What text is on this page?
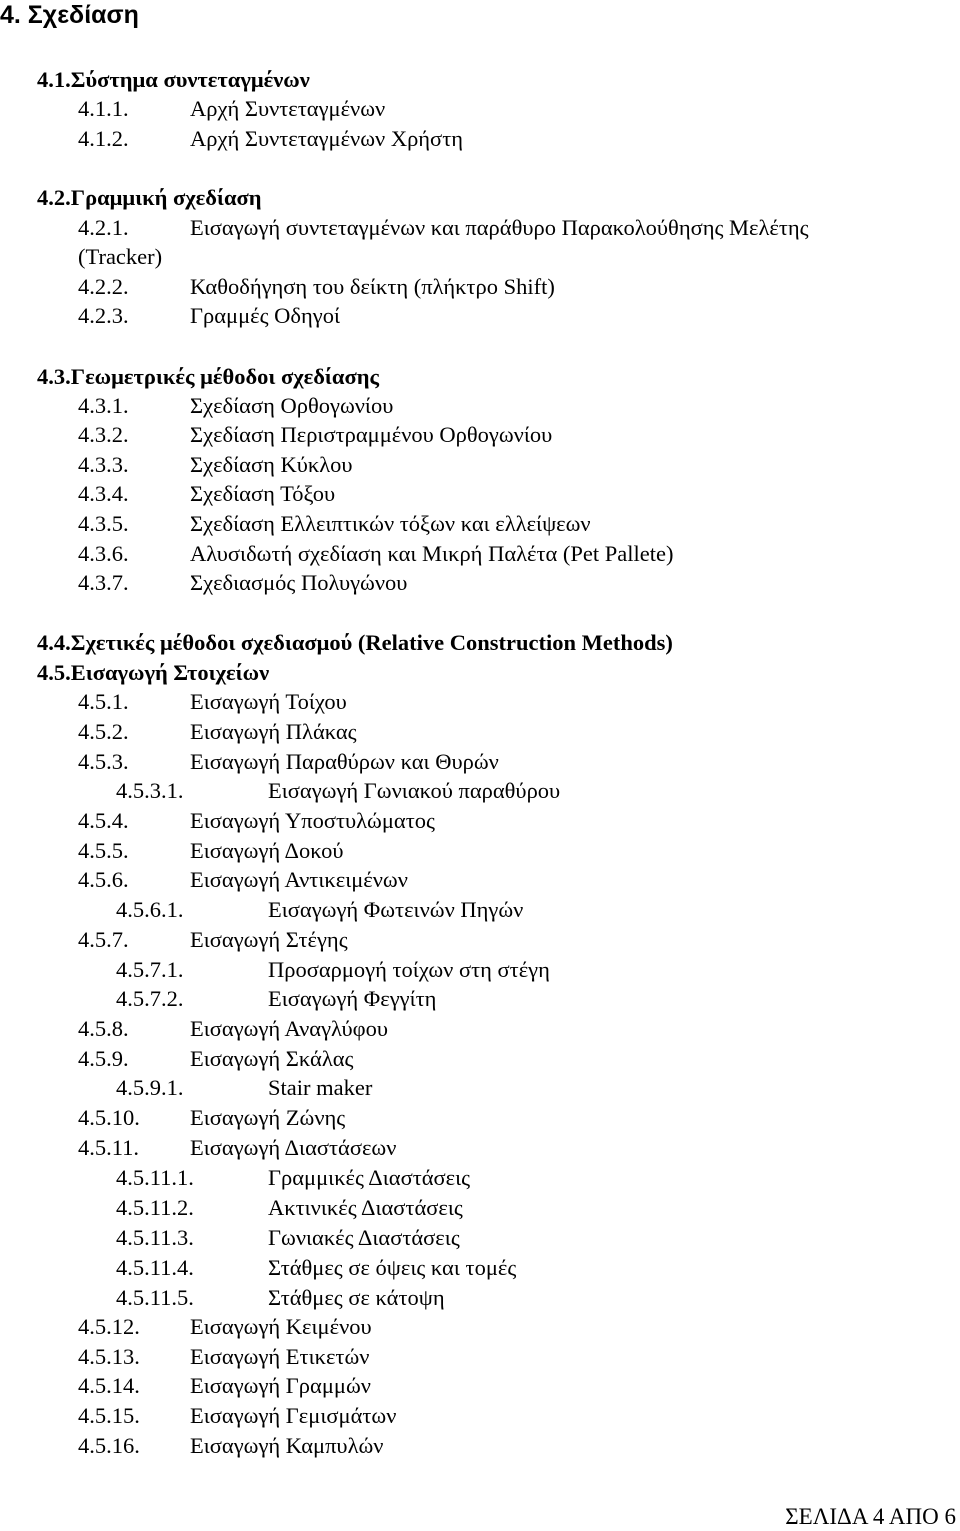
4. Σχεδίαση
4.1.Σύστημα συντεταγμένων
4.1.1.	Αρχή Συντεταγμένων
4.1.2.	Αρχή Συντεταγμένων Χρήστη
4.2.Γραμμική σχεδίαση
4.2.1.	Εισαγωγή συντεταγμένων και παράθυρο Παρακολούθησης Μελέτης
(Tracker)
4.2.2.	Καθοδήγηση του δείκτη (πλήκτρο Shift)
4.2.3.	Γραμμές Οδηγοί
4.3.Γεωμετρικές μέθοδοι σχεδίασης
4.3.1.	Σχεδίαση Ορθογωνίου
4.3.2.	Σχεδίαση Περιστραμμένου Ορθογωνίου
4.3.3.	Σχεδίαση Κύκλου
4.3.4.	Σχεδίαση Τόξου
4.3.5.	Σχεδίαση Ελλειπτικών τόξων και ελλείψεων
4.3.6.	Αλυσιδωτή σχεδίαση και Μικρή Παλέτα (Pet Pallete)
4.3.7.	Σχεδιασμός Πολυγώνου
4.4.Σχετικές μέθοδοι σχεδιασμού (Relative Construction Methods)
4.5.Εισαγωγή Στοιχείων
4.5.1.	Εισαγωγή Τοίχου
4.5.2.	Εισαγωγή Πλάκας
4.5.3.	Εισαγωγή Παραθύρων και Θυρών
4.5.3.1.	Εισαγωγή Γωνιακού παραθύρου
4.5.4.	Εισαγωγή Υποστυλώματος
4.5.5.	Εισαγωγή Δοκού
4.5.6.	Εισαγωγή Αντικειμένων
4.5.6.1.	Εισαγωγή Φωτεινών Πηγών
4.5.7.	Εισαγωγή Στέγης
4.5.7.1.	Προσαρμογή τοίχων στη στέγη
4.5.7.2.	Εισαγωγή Φεγγίτη
4.5.8.	Εισαγωγή Αναγλύφου
4.5.9.	Εισαγωγή Σκάλας
4.5.9.1.	Stair maker
4.5.10. Εισαγωγή Ζώνης
4.5.11. Εισαγωγή Διαστάσεων
4.5.11.1.	Γραμμικές Διαστάσεις
4.5.11.2.	Ακτινικές Διαστάσεις
4.5.11.3.	Γωνιακές Διαστάσεις
4.5.11.4.	Στάθμες σε όψεις και τομές
4.5.11.5.	Στάθμες σε κάτοψη
4.5.12. Εισαγωγή Κειμένου
4.5.13. Εισαγωγή Ετικετών
4.5.14. Εισαγωγή Γραμμών
4.5.15. Εισαγωγή Γεμισμάτων
4.5.16. Εισαγωγή Καμπυλών
ΣΕΛΙΔΑ 4 ΑΠΟ 6
